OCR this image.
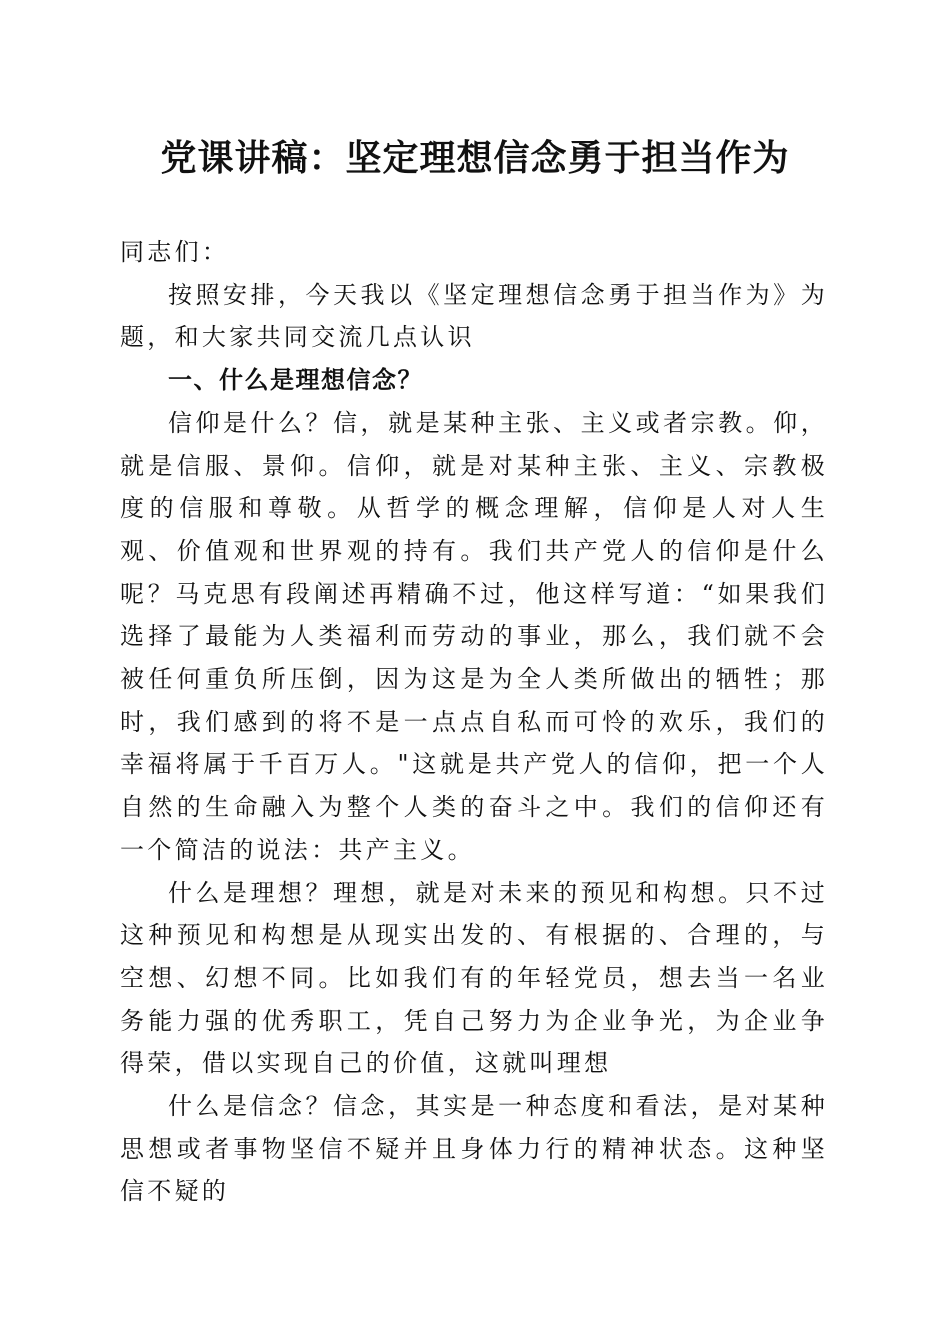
党课讲稿：坚定理想信念勇于担当作为

同志们：

按照安排，今天我以《坚定理想信念勇于担当作为》为题，和大家共同交流几点认识

一、什么是理想信念？

信仰是什么？信，就是某种主张、主义或者宗教。仰，就是信服、景仰。信仰，就是对某种主张、主义、宗教极度的信服和尊敬。从哲学的概念理解，信仰是人对人生观、价值观和世界观的持有。我们共产党人的信仰是什么呢？马克思有段阐述再精确不过，他这样写道：“如果我们选择了最能为人类福利而劳动的事业，那么，我们就不会被任何重负所压倒，因为这是为全人类所做出的牺牲；那时，我们感到的将不是一点点自私而可怜的欢乐，我们的幸福将属于千百万人。"这就是共产党人的信仰，把一个人自然的生命融入为整个人类的奋斗之中。我们的信仰还有一个简洁的说法：共产主义。

什么是理想？理想，就是对未来的预见和构想。只不过这种预见和构想是从现实出发的、有根据的、合理的，与空想、幻想不同。比如我们有的年轻党员，想去当一名业务能力强的优秀职工，凭自己努力为企业争光，为企业争得荣，借以实现自己的价值，这就叫理想

什么是信念？信念，其实是一种态度和看法，是对某种思想或者事物坚信不疑并且身体力行的精神状态。这种坚信不疑的
